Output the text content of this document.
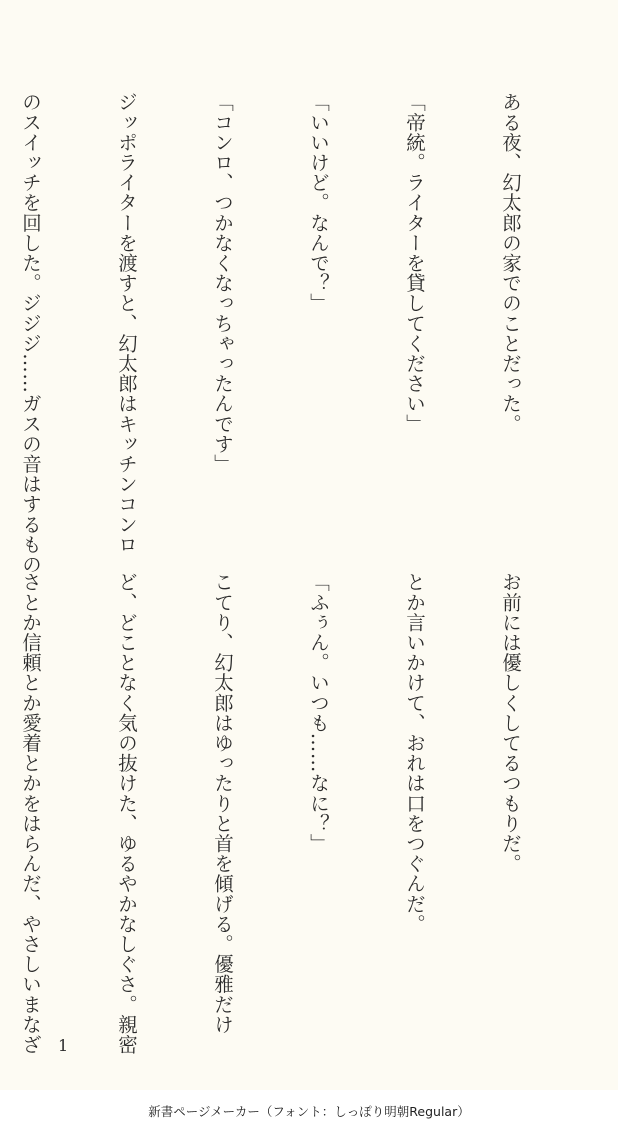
ある夜、幻太郎の家でのことだった。

「帝統。ライターを貸してください」

「いいけど。なんで？」

「コンロ、つかなくなっちゃったんです」

ジッポライターを渡すと、幻太郎はキッチンコンロ

のスイッチを回した。ジジジ……ガスの音はするもの

お前には優しくしてるつもりだ。

とか言いかけて、おれは口をつぐんだ。

「ふぅん。いつも……なに？」

こてり、幻太郎はゆったりと首を傾げる。優雅だけ

ど、どことなく気の抜けた、ゆるやかなしぐさ。親密

さとか信頼とか愛着とかをはらんだ、やさしいまなざ

1
新書ページメーカー（フォント：しっぽり明朝Regular）
